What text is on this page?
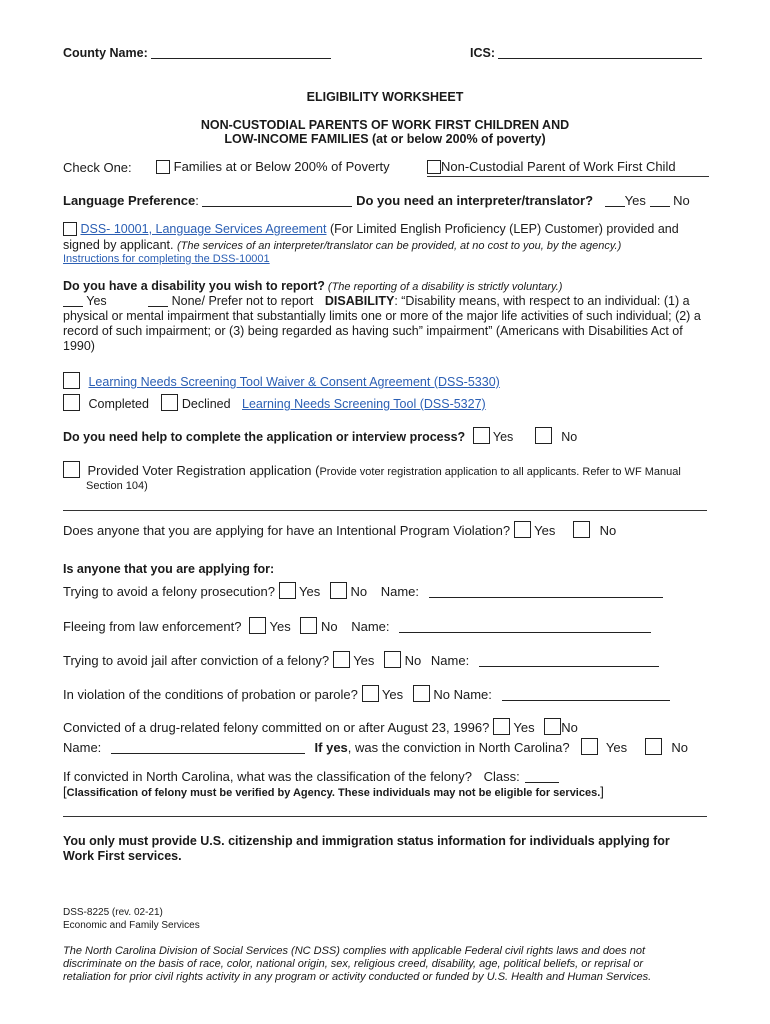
County Name:	ICS:
ELIGIBILITY WORKSHEET
NON-CUSTODIAL PARENTS OF WORK FIRST CHILDREN AND
LOW-INCOME FAMILIES (at or below 200% of poverty)
Check One:	Families at or Below 200% of Poverty	Non-Custodial Parent of Work First Child
Language Preference:	Do you need an interpreter/translator? Yes No
DSS- 10001, Language Services Agreement (For Limited English Proficiency (LEP) Customer) provided and
signed by applicant. (The services of an interpreter/translator can be provided, at no cost to you, by the agency.)
Instructions for completing the DSS-10001
Do you have a disability you wish to report? (The reporting of a disability is strictly voluntary.)
Yes	None/ Prefer not to report DISABILITY: “Disability means, with respect to an individual: (1) a
physical or mental impairment that substantially limits one or more of the major life activities of such individual; (2) a
record of such impairment; or (3) being regarded as having such” impairment” (Americans with Disabilities Act of
1990)
Learning Needs Screening Tool Waiver & Consent Agreement (DSS-5330)
Completed	Declined Learning Needs Screening Tool (DSS-5327)
Do you need help to complete the application or interview process? Yes	No
Provided Voter Registration application (Provide voter registration application to all applicants. Refer to WF Manual
Section 104)
Does anyone that you are applying for have an Intentional Program Violation? Yes	No
Is anyone that you are applying for:
Trying to avoid a felony prosecution? Yes No Name:
Fleeing from law enforcement? Yes No Name:
Trying to avoid jail after conviction of a felony? Yes No Name:
In violation of the conditions of probation or parole? Yes No Name:
Convicted of a drug-related felony committed on or after August 23, 1996? Yes No
Name:	If yes, was the conviction in North Carolina?	Yes	No
If convicted in North Carolina, what was the classification of the felony? Class:
[Classification of felony must be verified by Agency. These individuals may not be eligible for services.]
You only must provide U.S. citizenship and immigration status information for individuals applying for
Work First services.
DSS-8225 (rev. 02-21)
Economic and Family Services
The North Carolina Division of Social Services (NC DSS) complies with applicable Federal civil rights laws and does not
discriminate on the basis of race, color, national origin, sex, religious creed, disability, age, political beliefs, or reprisal or
retaliation for prior civil rights activity in any program or activity conducted or funded by U.S. Health and Human Services.
